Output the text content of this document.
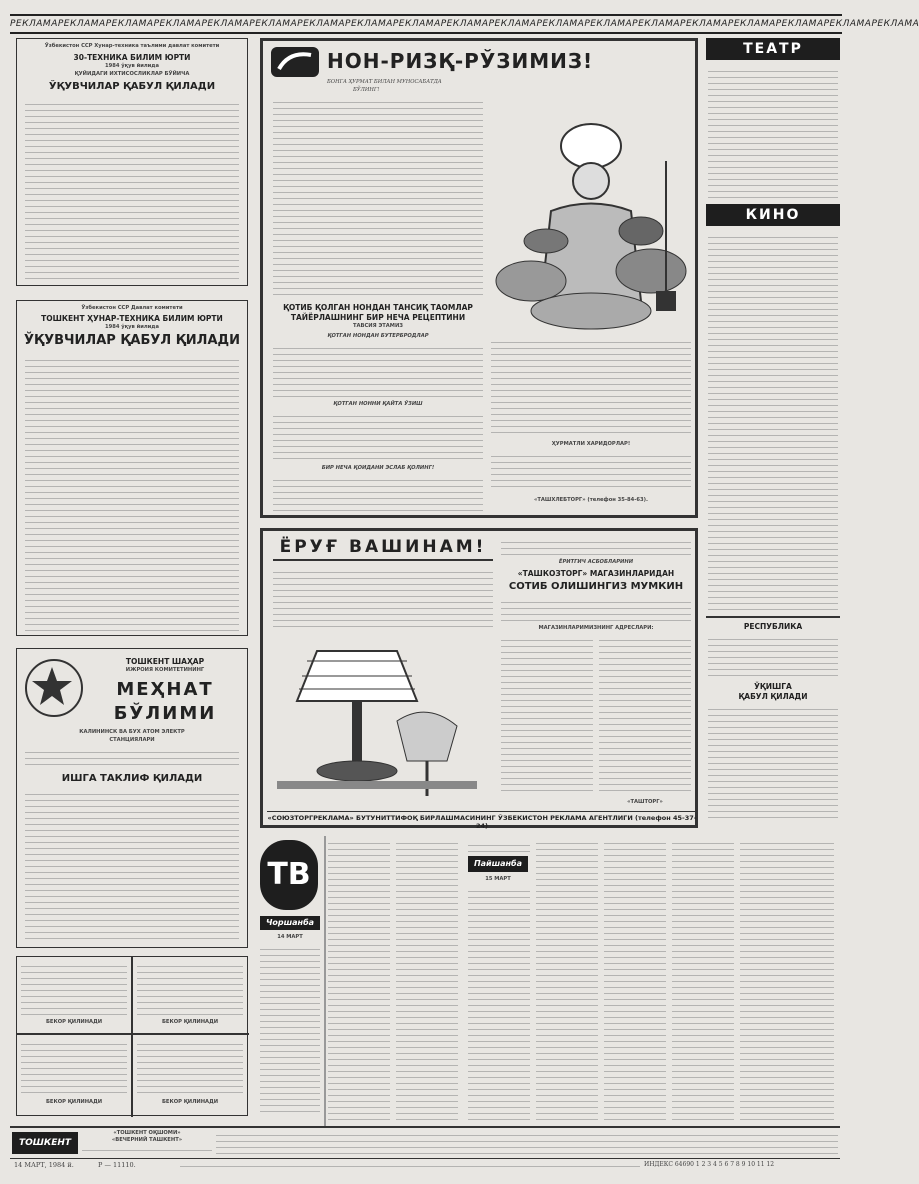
РЕКЛАМА РЕКЛАМА РЕКЛАМА РЕКЛАМА РЕКЛАМА РЕКЛАМА РЕКЛАМА РЕКЛАМА РЕКЛАМА РЕКЛАМА РЕКЛАМА РЕКЛАМА РЕКЛАМА РЕКЛАМА РЕКЛАМА РЕКЛАМА РЕКЛАМА РЕКЛАМА РЕКЛАМА
Ўзбекистон ССР Хунар-техника таълими давлат комитети
30-ТЕХНИКА БИЛИМ ЮРТИ
1984 ўқув йилида
ҚУЙИДАГИ ИХТИСОСЛИКЛАР БЎЙИЧА
ЎҚУВЧИЛАР ҚАБУЛ ҚИЛАДИ
Ўзбекистон ССР Давлат комитети
ТОШКЕНТ ҲУНАР-ТЕХНИКА БИЛИМ ЮРТИ
1984 ўқув йилида
ЎҚУВЧИЛАР ҚАБУЛ ҚИЛАДИ
ТОШКЕНТ ШАҲАР
ИЖРОИЯ КОМИТЕТИНИНГ
МЕҲНАТ
БЎЛИМИ
КАЛИНИНСК ВА БУХ АТОМ ЭЛЕКТР
СТАНЦИЯЛАРИ
ИШГА ТАКЛИФ ҚИЛАДИ
БЕКОР ҚИЛИНАДИ	БЕКОР ҚИЛИНАДИ
БЕКОР ҚИЛИНАДИ	БЕКОР ҚИЛИНАДИ
НОН-РИЗҚ-РЎЗИМИЗ!
БОНГА ҲУРМАТ БИЛАН МУНОСАБАТДА
БЎЛИНГ!
ҚОТИБ ҚОЛГАН НОНДАН ТАНСИҚ ТАОМЛАР
ТАЙЁРЛАШНИНГ БИР НЕЧА РЕЦЕПТИНИ
ТАВСИЯ ЭТАМИЗ
ҚОТГАН НОНДАН БУТЕРБРОДЛАР
ҚОТГАН НОННИ ҚАЙТА ЎЗИШ
БИР НЕЧА ҚОИДАНИ ЭСЛАБ ҚОЛИНГ!
ҲУРМАТЛИ ХАРИДОРЛАР!
«ТАШХЛЕБТОРГ» (телефон 35-84-63).
ЁРУҒ ВАШИНАМ!
ЁРИТГИЧ АСБОБЛАРИНИ
«ТАШКОЗТОРГ» МАГАЗИНЛАРИДАН
СОТИБ ОЛИШИНГИЗ МУМКИН
МАГАЗИНЛАРИМИЗНИНГ АДРЕСЛАРИ:
«ТАШТОРГ»
«СОЮЗТОРГРЕКЛАМА» БУТУНИТТИФОҚ БИРЛАШМАСИНИНГ ЎЗБЕКИСТОН РЕКЛАМА АГЕНТЛИГИ (телефон 45-37-24)
ТВ
Чоршанба
14 МАРТ
Пайшанба
15 МАРТ
ТЕАТР
КИНО
РЕСПУБЛИКА
ЎҚИШГА
ҚАБУЛ ҚИЛАДИ
ТОШКЕНТ
«ТОШКЕНТ ОҚШОМИ»
«ВЕЧЕРНИЙ ТАШКЕНТ»
14 МАРТ, 1984 й.	Р — 11110.	ИНДЕКС 64690 1 2 3 4 5 6 7 8 9 10 11 12
